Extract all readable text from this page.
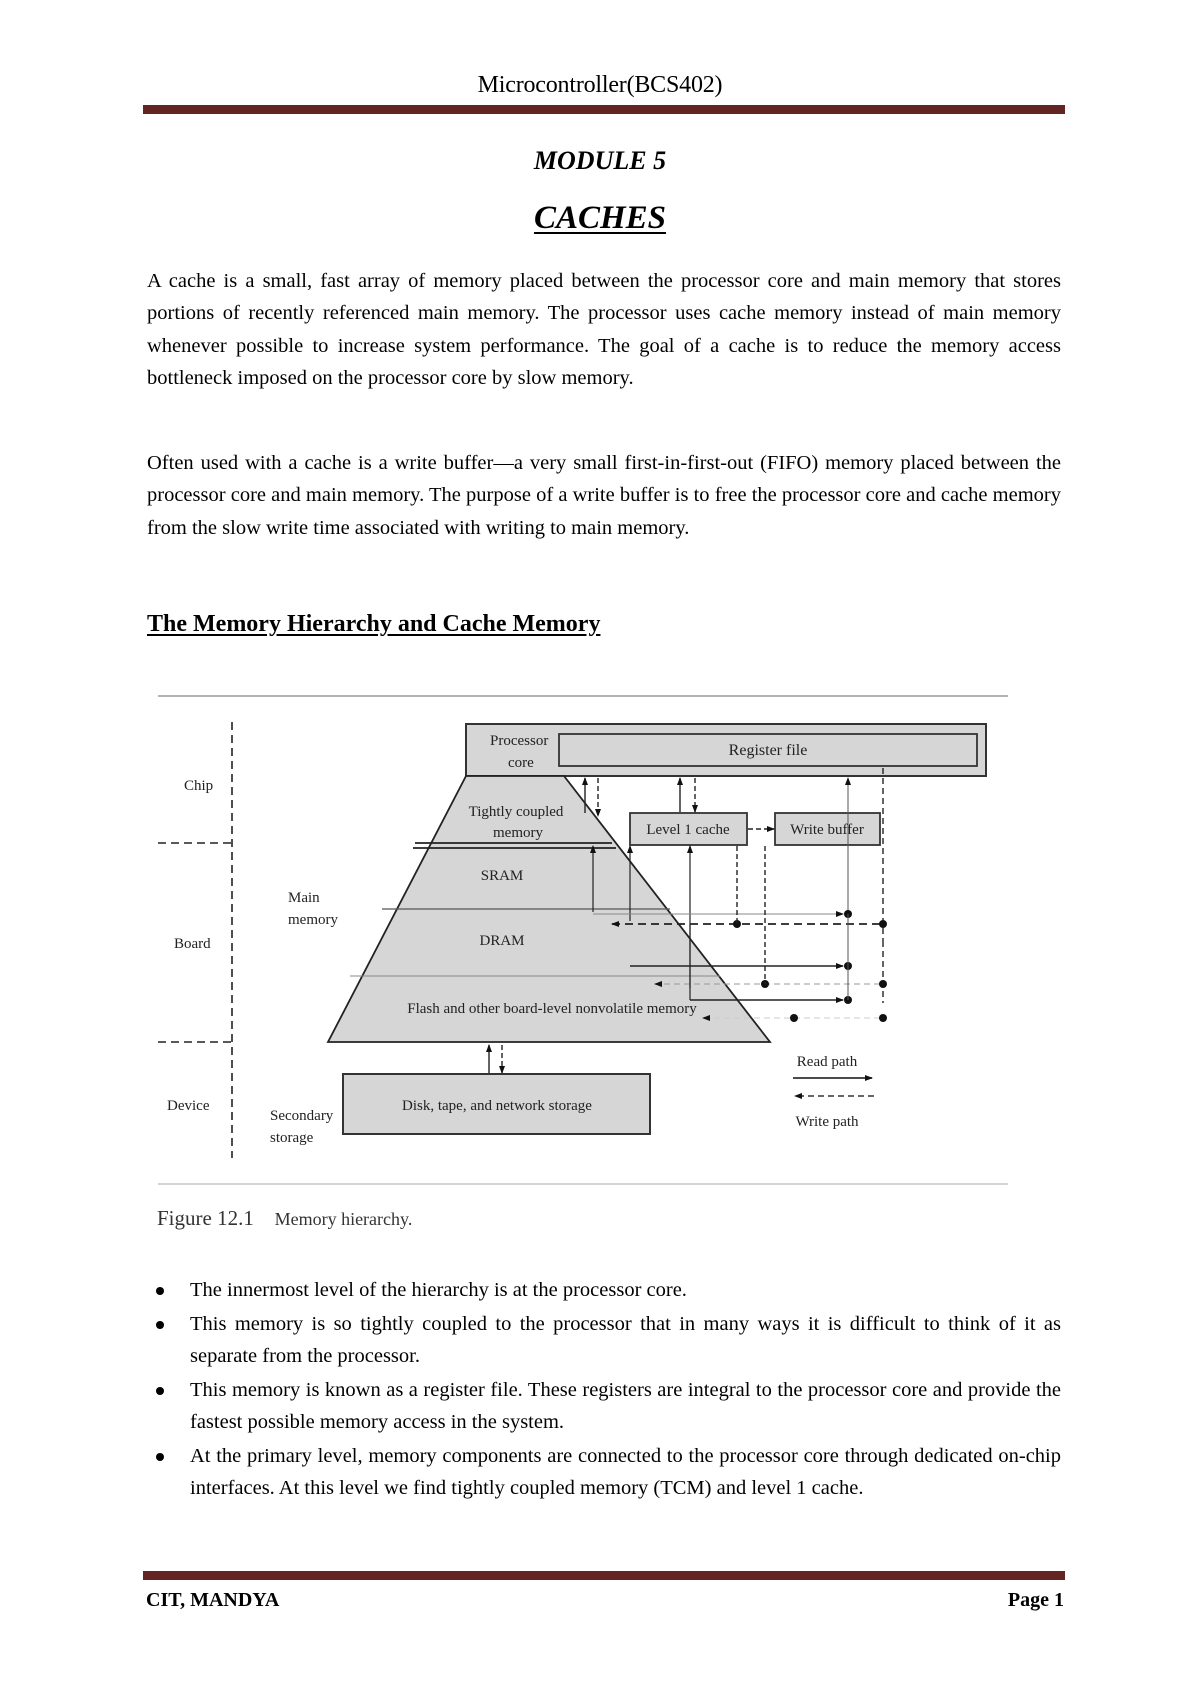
Microcontroller(BCS402)
MODULE 5
CACHES

A cache is a small, fast array of memory placed between the processor core and main memory that stores portions of recently referenced main memory. The processor uses cache memory instead of main memory whenever possible to increase system performance. The goal of a cache is to reduce the memory access bottleneck imposed on the processor core by slow memory.

Often used with a cache is a write buffer—a very small first-in-first-out (FIFO) memory placed between the processor core and main memory. The purpose of a write buffer is to free the processor core and cache memory from the slow write time associated with writing to main memory.

The Memory Hierarchy and Cache Memory
Chip
Board
Device
Main
memory
Secondary
storage
Processor
core
Register file
Tightly coupled
memory
SRAM
DRAM
Flash and other board-level nonvolatile memory
Level 1 cache	Write buffer
Disk, tape, and network storage
Read path
Write path
Figure 12.1 Memory hierarchy.
The innermost level of the hierarchy is at the processor core.
This memory is so tightly coupled to the processor that in many ways it is difficult to think of it as separate from the processor.
This memory is known as a register file. These registers are integral to the processor core and provide the fastest possible memory access in the system.
At the primary level, memory components are connected to the processor core through dedicated on-chip interfaces. At this level we find tightly coupled memory (TCM) and level 1 cache.
CIT, MANDYA	Page 1
